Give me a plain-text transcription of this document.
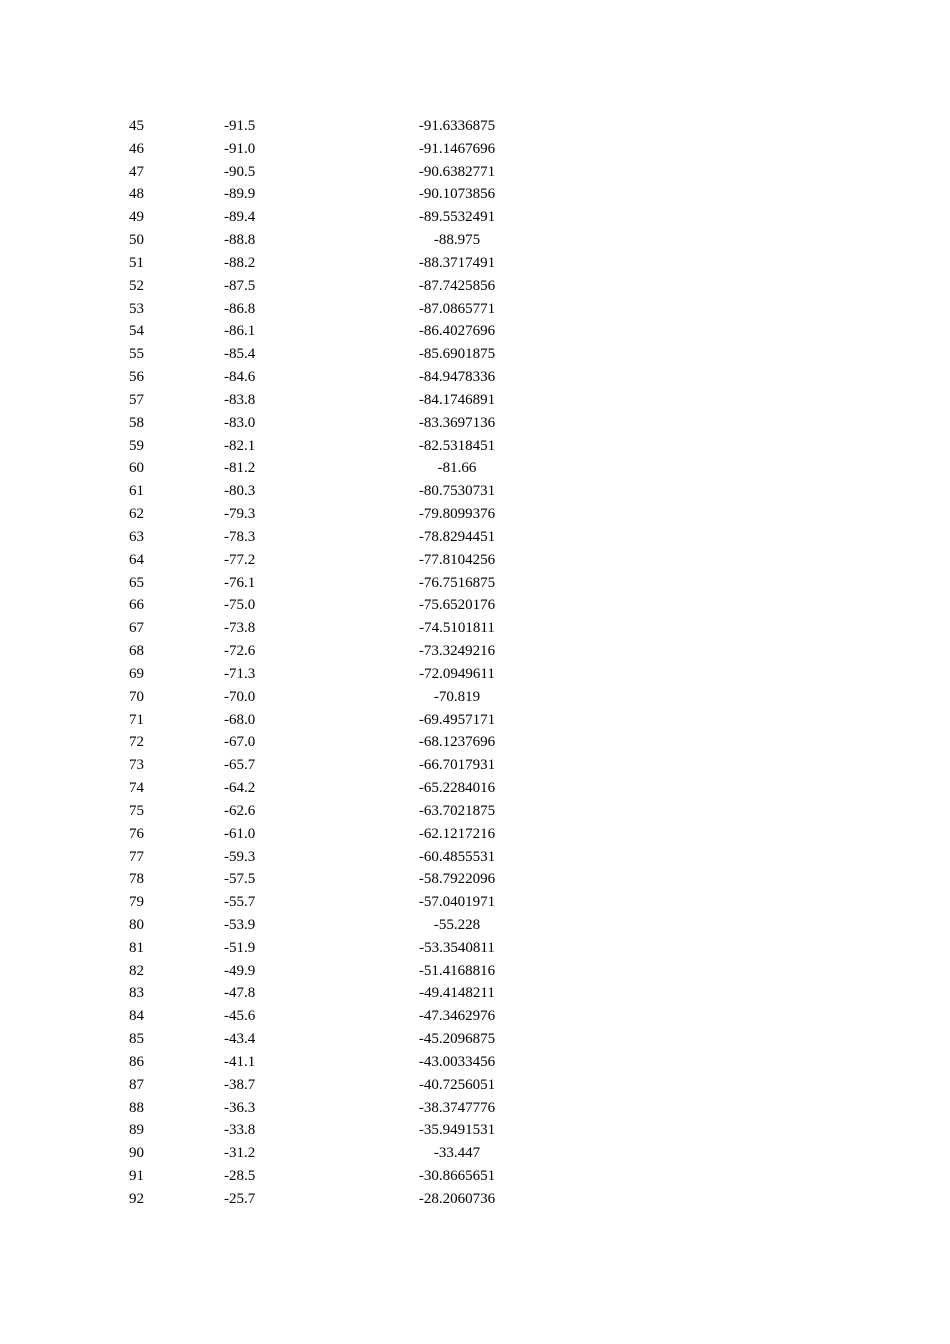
45	-91.5	-91.6336875
46	-91.0	-91.1467696
47	-90.5	-90.6382771
48	-89.9	-90.1073856
49	-89.4	-89.5532491
50	-88.8	-88.975
51	-88.2	-88.3717491
52	-87.5	-87.7425856
53	-86.8	-87.0865771
54	-86.1	-86.4027696
55	-85.4	-85.6901875
56	-84.6	-84.9478336
57	-83.8	-84.1746891
58	-83.0	-83.3697136
59	-82.1	-82.5318451
60	-81.2	-81.66
61	-80.3	-80.7530731
62	-79.3	-79.8099376
63	-78.3	-78.8294451
64	-77.2	-77.8104256
65	-76.1	-76.7516875
66	-75.0	-75.6520176
67	-73.8	-74.5101811
68	-72.6	-73.3249216
69	-71.3	-72.0949611
70	-70.0	-70.819
71	-68.0	-69.4957171
72	-67.0	-68.1237696
73	-65.7	-66.7017931
74	-64.2	-65.2284016
75	-62.6	-63.7021875
76	-61.0	-62.1217216
77	-59.3	-60.4855531
78	-57.5	-58.7922096
79	-55.7	-57.0401971
80	-53.9	-55.228
81	-51.9	-53.3540811
82	-49.9	-51.4168816
83	-47.8	-49.4148211
84	-45.6	-47.3462976
85	-43.4	-45.2096875
86	-41.1	-43.0033456
87	-38.7	-40.7256051
88	-36.3	-38.3747776
89	-33.8	-35.9491531
90	-31.2	-33.447
91	-28.5	-30.8665651
92	-25.7	-28.2060736
